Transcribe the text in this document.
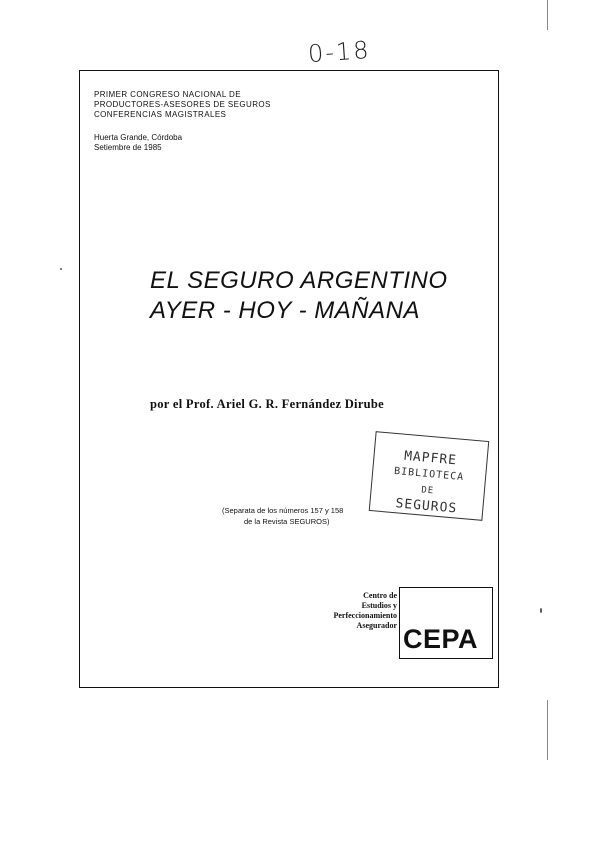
0-18
PRIMER CONGRESO NACIONAL DE
PRODUCTORES-ASESORES DE SEGUROS
CONFERENCIAS MAGISTRALES
Huerta Grande, Córdoba
Setiembre de 1985
EL SEGURO ARGENTINO
AYER - HOY - MAÑANA
por el Prof. Ariel G. R. Fernández Dirube
MAPFRE
BIBLIOTECA
DE
SEGUROS
(Separata de los números 157 y 158
de la Revista SEGUROS)
Centro de
Estudios y
Perfeccionamiento
Asegurador CEPA
